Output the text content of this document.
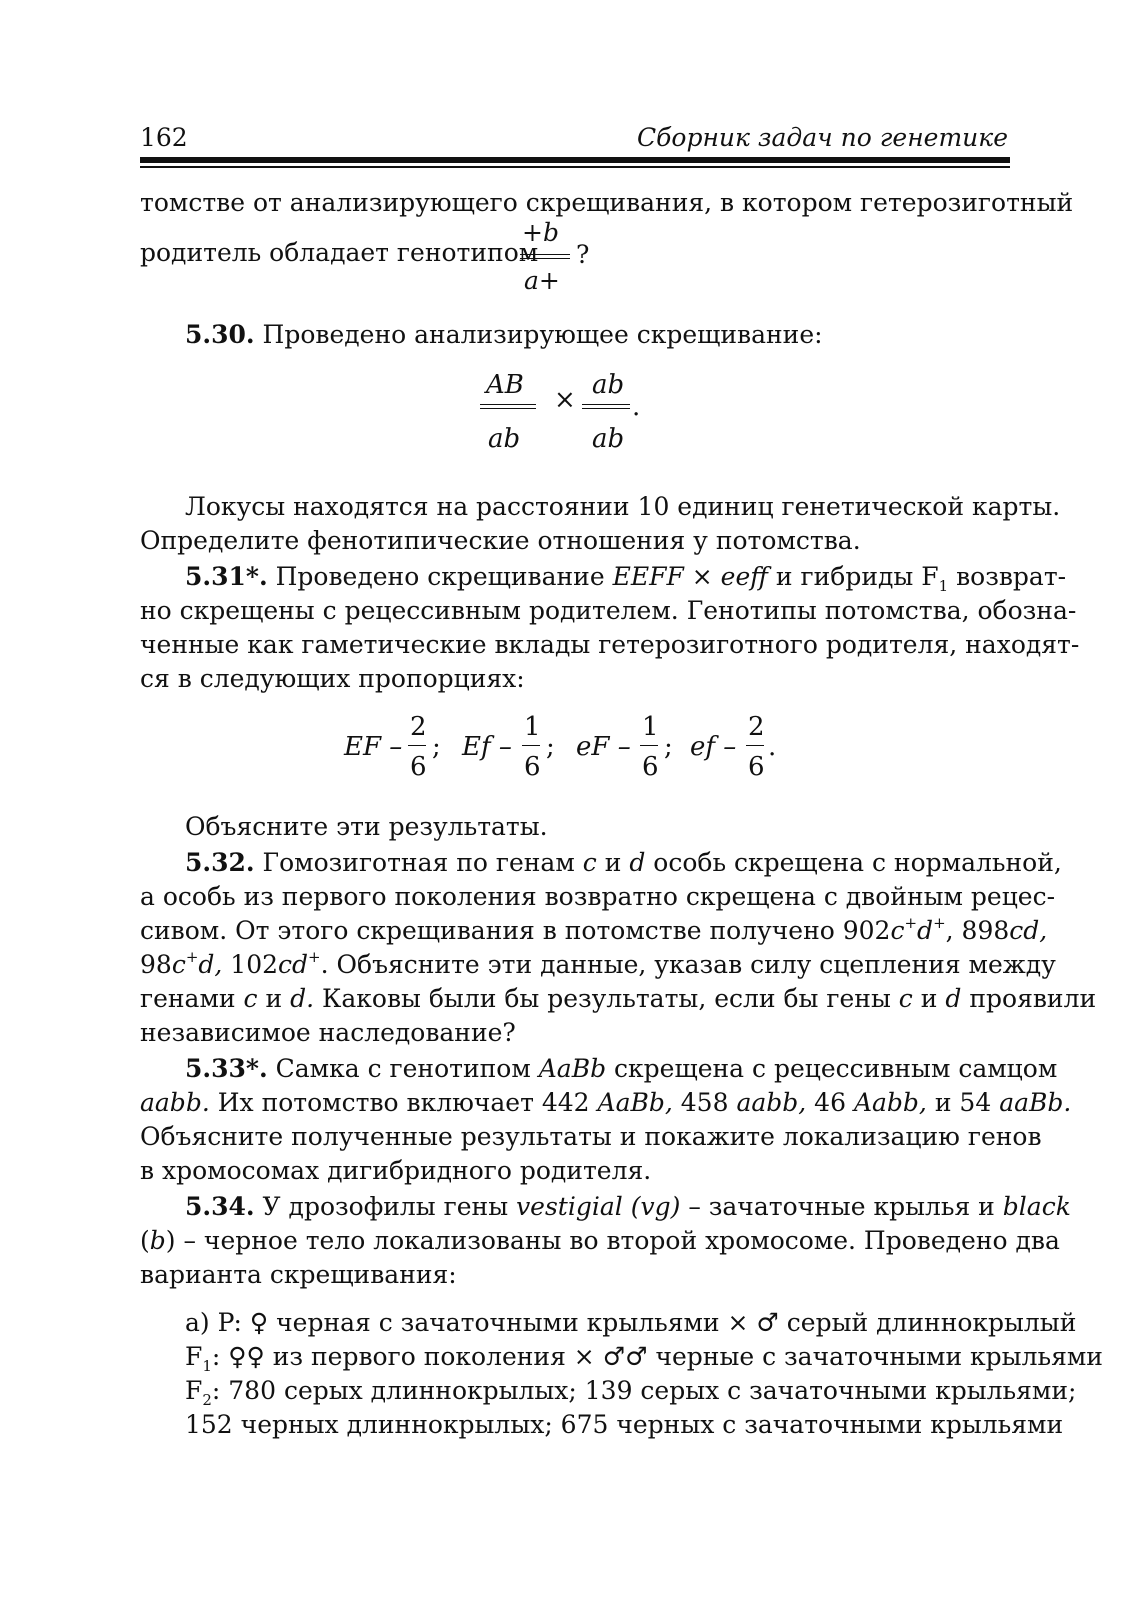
162	Сборник задач по генетике
томстве от анализирующего скрещивания, в котором гетерозиготный
родитель обладает генотипом
+b
a+
?
5.30. Проведено анализирующее скрещивание:
AB
ab
× ab
ab
.
Локусы находятся на расстоянии 10 единиц генетической карты.
Определите фенотипические отношения у потомства.
5.31*. Проведено скрещивание EEFF × eeff и гибриды $F_1$ возврат-
но скрещены с рецессивным родителем. Генотипы потомства, обозна-
ченные как гаметические вклады гетерозиготного родителя, находят-
ся в следующих пропорциях:
EF –
2
6
; Ef –
1
6
; eF –
1
6
; ef –
2
6
.
Объясните эти результаты.
5.32. Гомозиготная по генам c и d особь скрещена с нормальной,
а особь из первого поколения возвратно скрещена с двойным рецес-
сивом. От этого скрещивания в потомстве получено 902c+d+, 898cd,
98c+d, 102cd+. Объясните эти данные, указав силу сцепления между
генами c и d. Каковы были бы результаты, если бы гены c и d проявили
независимое наследование?
5.33*. Самка с генотипом AaBb скрещена с рецессивным самцом
aabb. Их потомство включает 442 AaBb, 458 aabb, 46 Aabb, и 54 aaBb.
Объясните полученные результаты и покажите локализацию генов
в хромосомах дигибридного родителя.
5.34. У дрозофилы гены vestigial (vg) – зачаточные крылья и black
(b) – черное тело локализованы во второй хромосоме. Проведено два
варианта скрещивания:
а) P: ♀ черная с зачаточными крыльями × ♂ серый длиннокрылый
$F_1$: ♀♀ из первого поколения × ♂♂ черные с зачаточными крыльями
$F_2$: 780 серых длиннокрылых; 139 серых с зачаточными крыльями;
152 черных длиннокрылых; 675 черных с зачаточными крыльями
